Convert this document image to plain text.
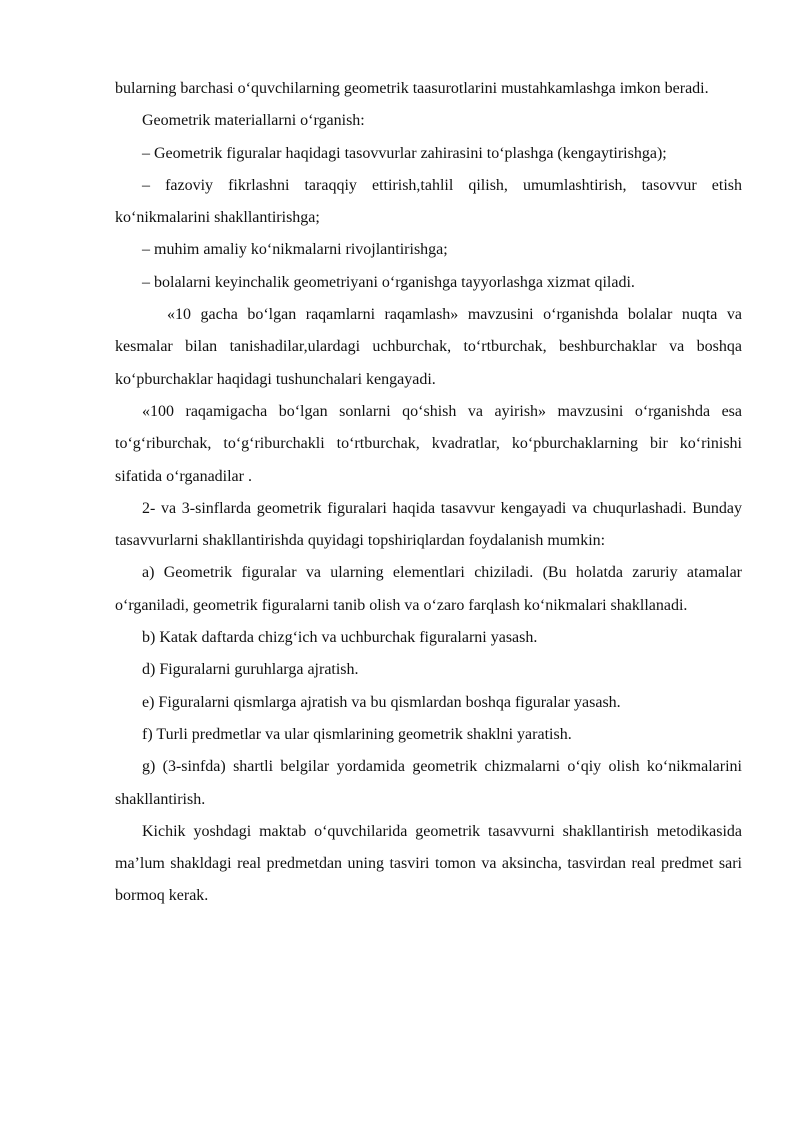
bularning barchasi o‘quvchilarning geometrik taasurotlarini mustahkamlashga imkon beradi.

Geometrik materiallarni o‘rganish:

– Geometrik figuralar haqidagi tasovvurlar zahirasini to‘plashga (kengaytirishga);

– fazoviy fikrlashni taraqqiy ettirish,tahlil qilish, umumlashtirish, tasovvur etish ko‘nikmalarini shakllantirishga;

– muhim amaliy ko‘nikmalarni rivojlantirishga;

– bolalarni keyinchalik geometriyani o‘rganishga tayyorlashga xizmat qiladi.

«10 gacha bo‘lgan raqamlarni raqamlash» mavzusini o‘rganishda bolalar nuqta va kesmalar bilan tanishadilar,ulardagi uchburchak, to‘rtburchak, beshburchaklar va boshqa ko‘pburchaklar haqidagi tushunchalari kengayadi.

«100 raqamigacha bo‘lgan sonlarni qo‘shish va ayirish» mavzusini o‘rganishda esa to‘g‘riburchak, to‘g‘riburchakli to‘rtburchak, kvadratlar, ko‘pburchaklarning bir ko‘rinishi sifatida o‘rganadilar .

2- va 3-sinflarda geometrik figuralari haqida tasavvur kengayadi va chuqurlashadi. Bunday tasavvurlarni shakllantirishda quyidagi topshiriqlardan foydalanish mumkin:

a) Geometrik figuralar va ularning elementlari chiziladi. (Bu holatda zaruriy atamalar o‘rganiladi, geometrik figuralarni tanib olish va o‘zaro farqlash ko‘nikmalari shakllanadi.

b) Katak daftarda chizg‘ich va uchburchak figuralarni yasash.

d) Figuralarni guruhlarga ajratish.

e) Figuralarni qismlarga ajratish va bu qismlardan boshqa figuralar yasash.

f) Turli predmetlar va ular qismlarining geometrik shaklni yaratish.

g) (3-sinfda) shartli belgilar yordamida geometrik chizmalarni o‘qiy olish ko‘nikmalarini shakllantirish.

Kichik yoshdagi maktab o‘quvchilarida geometrik tasavvurni shakllantirish metodikasida ma’lum shakldagi real predmetdan uning tasviri tomon va aksincha, tasvirdan real predmet sari bormoq kerak.
